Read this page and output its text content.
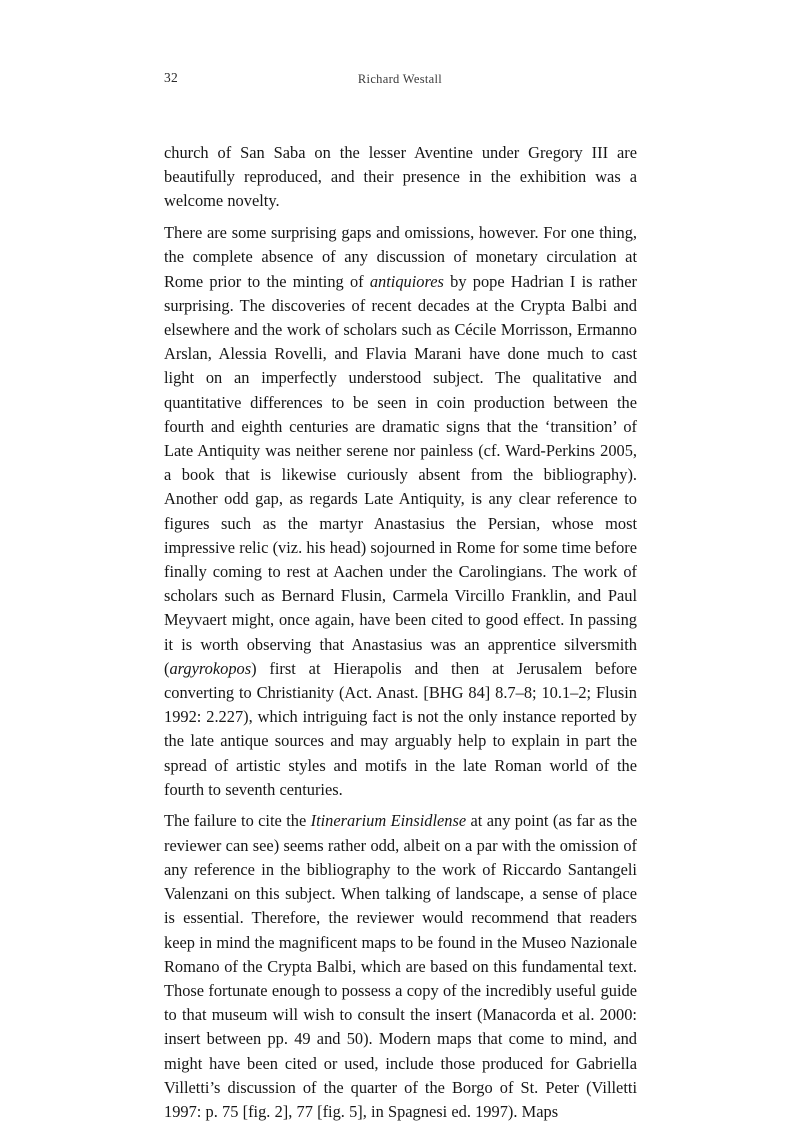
32	Richard Westall

church of San Saba on the lesser Aventine under Gregory III are beautifully reproduced, and their presence in the exhibition was a welcome novelty.

There are some surprising gaps and omissions, however. For one thing, the complete absence of any discussion of monetary circulation at Rome prior to the minting of antiquiores by pope Hadrian I is rather surprising. The discoveries of recent decades at the Crypta Balbi and elsewhere and the work of scholars such as Cécile Morrisson, Ermanno Arslan, Alessia Rovelli, and Flavia Marani have done much to cast light on an imperfectly understood subject. The qualitative and quantitative differences to be seen in coin production between the fourth and eighth centuries are dramatic signs that the ‘transition’ of Late Antiquity was neither serene nor painless (cf. Ward-Perkins 2005, a book that is likewise curiously absent from the bibliography). Another odd gap, as regards Late Antiquity, is any clear reference to figures such as the martyr Anastasius the Persian, whose most impressive relic (viz. his head) sojourned in Rome for some time before finally coming to rest at Aachen under the Carolingians. The work of scholars such as Bernard Flusin, Carmela Vircillo Franklin, and Paul Meyvaert might, once again, have been cited to good effect. In passing it is worth observing that Anastasius was an apprentice silversmith (argyrokopos) first at Hierapolis and then at Jerusalem before converting to Christianity (Act. Anast. [BHG 84] 8.7–8; 10.1–2; Flusin 1992: 2.227), which intriguing fact is not the only instance reported by the late antique sources and may arguably help to explain in part the spread of artistic styles and motifs in the late Roman world of the fourth to seventh centuries.

The failure to cite the Itinerarium Einsidlense at any point (as far as the reviewer can see) seems rather odd, albeit on a par with the omission of any reference in the bibliography to the work of Riccardo Santangeli Valenzani on this subject. When talking of landscape, a sense of place is essential. Therefore, the reviewer would recommend that readers keep in mind the magnificent maps to be found in the Museo Nazionale Romano of the Crypta Balbi, which are based on this fundamental text. Those fortunate enough to possess a copy of the incredibly useful guide to that museum will wish to consult the insert (Manacorda et al. 2000: insert between pp. 49 and 50). Modern maps that come to mind, and might have been cited or used, include those produced for Gabriella Villetti’s discussion of the quarter of the Borgo of St. Peter (Villetti 1997: p. 75 [fig. 2], 77 [fig. 5], in Spagnesi ed. 1997). Maps
